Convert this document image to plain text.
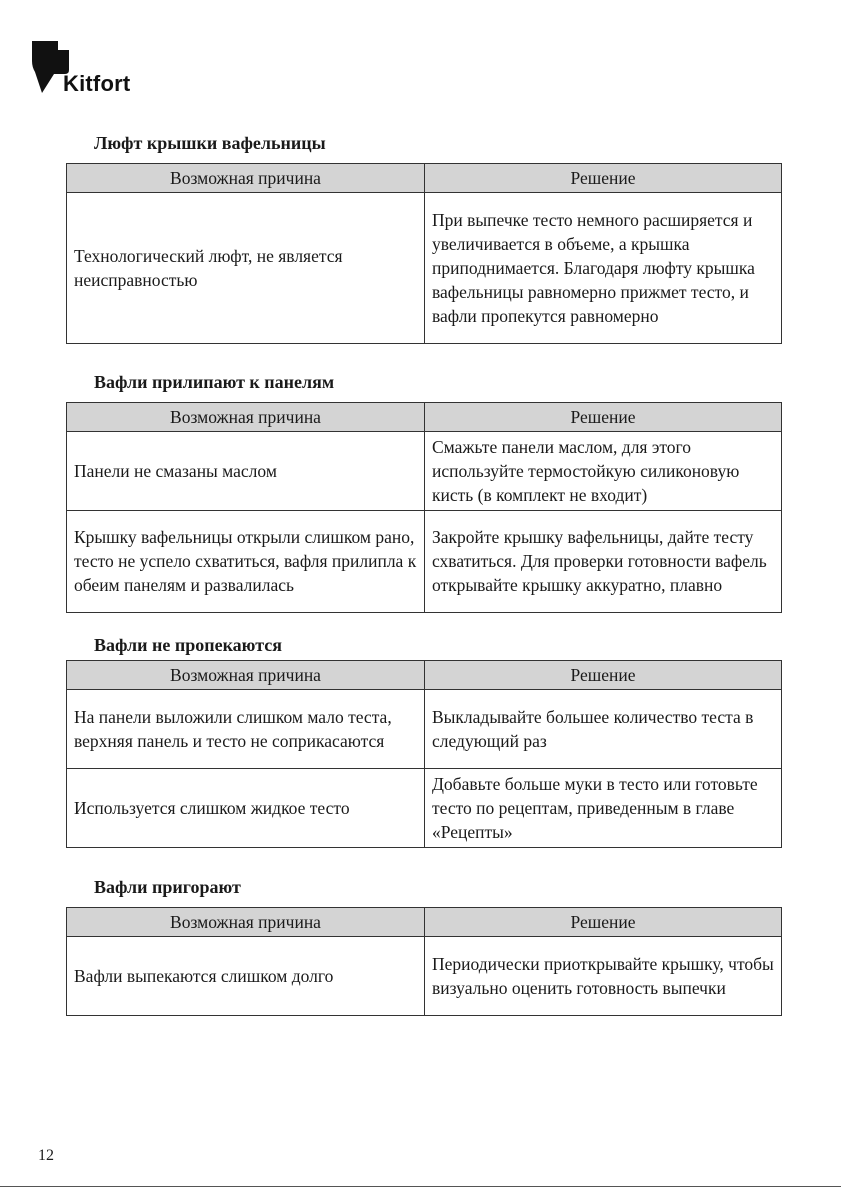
Kitfort
Люфт крышки вафельницы
Возможная причина	Решение
Технологический люфт, не является неисправностью	При выпечке тесто немного расширяется и увеличивается в объеме, а крышка приподнимается. Благодаря люфту крышка вафельницы равномерно прижмет тесто, и вафли пропекутся равномерно
Вафли прилипают к панелям
Возможная причина	Решение
Панели не смазаны маслом	Смажьте панели маслом, для этого используйте термостойкую силиконовую кисть (в комплект не входит)
Крышку вафельницы открыли слишком рано, тесто не успело схватиться, вафля прилипла к обеим панелям и развалилась	Закройте крышку вафельницы, дайте тесту схватиться. Для проверки готовности вафель открывайте крышку аккуратно, плавно
Вафли не пропекаются
Возможная причина	Решение
На панели выложили слишком мало теста, верхняя панель и тесто не соприкасаются	Выкладывайте большее количество теста в следующий раз
Используется слишком жидкое тесто	Добавьте больше муки в тесто или готовьте тесто по рецептам, приведенным в главе «Рецепты»
Вафли пригорают
Возможная причина	Решение
Вафли выпекаются слишком долго	Периодически приоткрывайте крышку, чтобы визуально оценить готовность выпечки
12
